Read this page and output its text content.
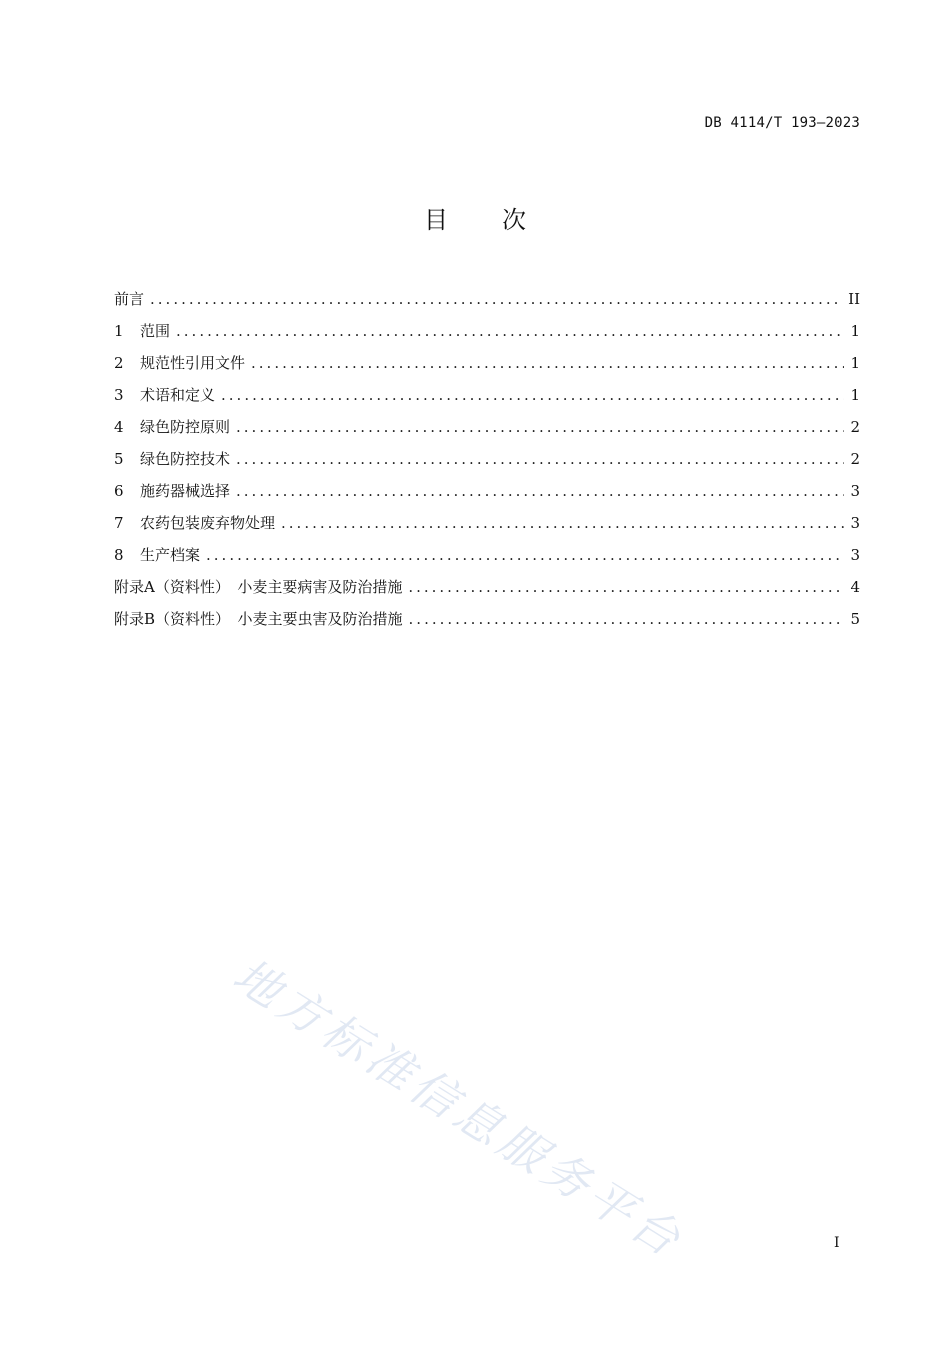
DB 4114/T 193—2023
目次
前言 .....	II
1	范围 .....	1
2	规范性引用文件 .....	1
3	术语和定义 .....	1
4	绿色防控原则 .....	2
5	绿色防控技术 .....	2
6	施药器械选择 .....	3
7	农药包装废弃物处理 .....	3
8	生产档案 .....	3
附录A（资料性）　小麦主要病害及防治措施 .....	4
附录B（资料性）　小麦主要虫害及防治措施 .....	5
地方标准信息服务平台	I
